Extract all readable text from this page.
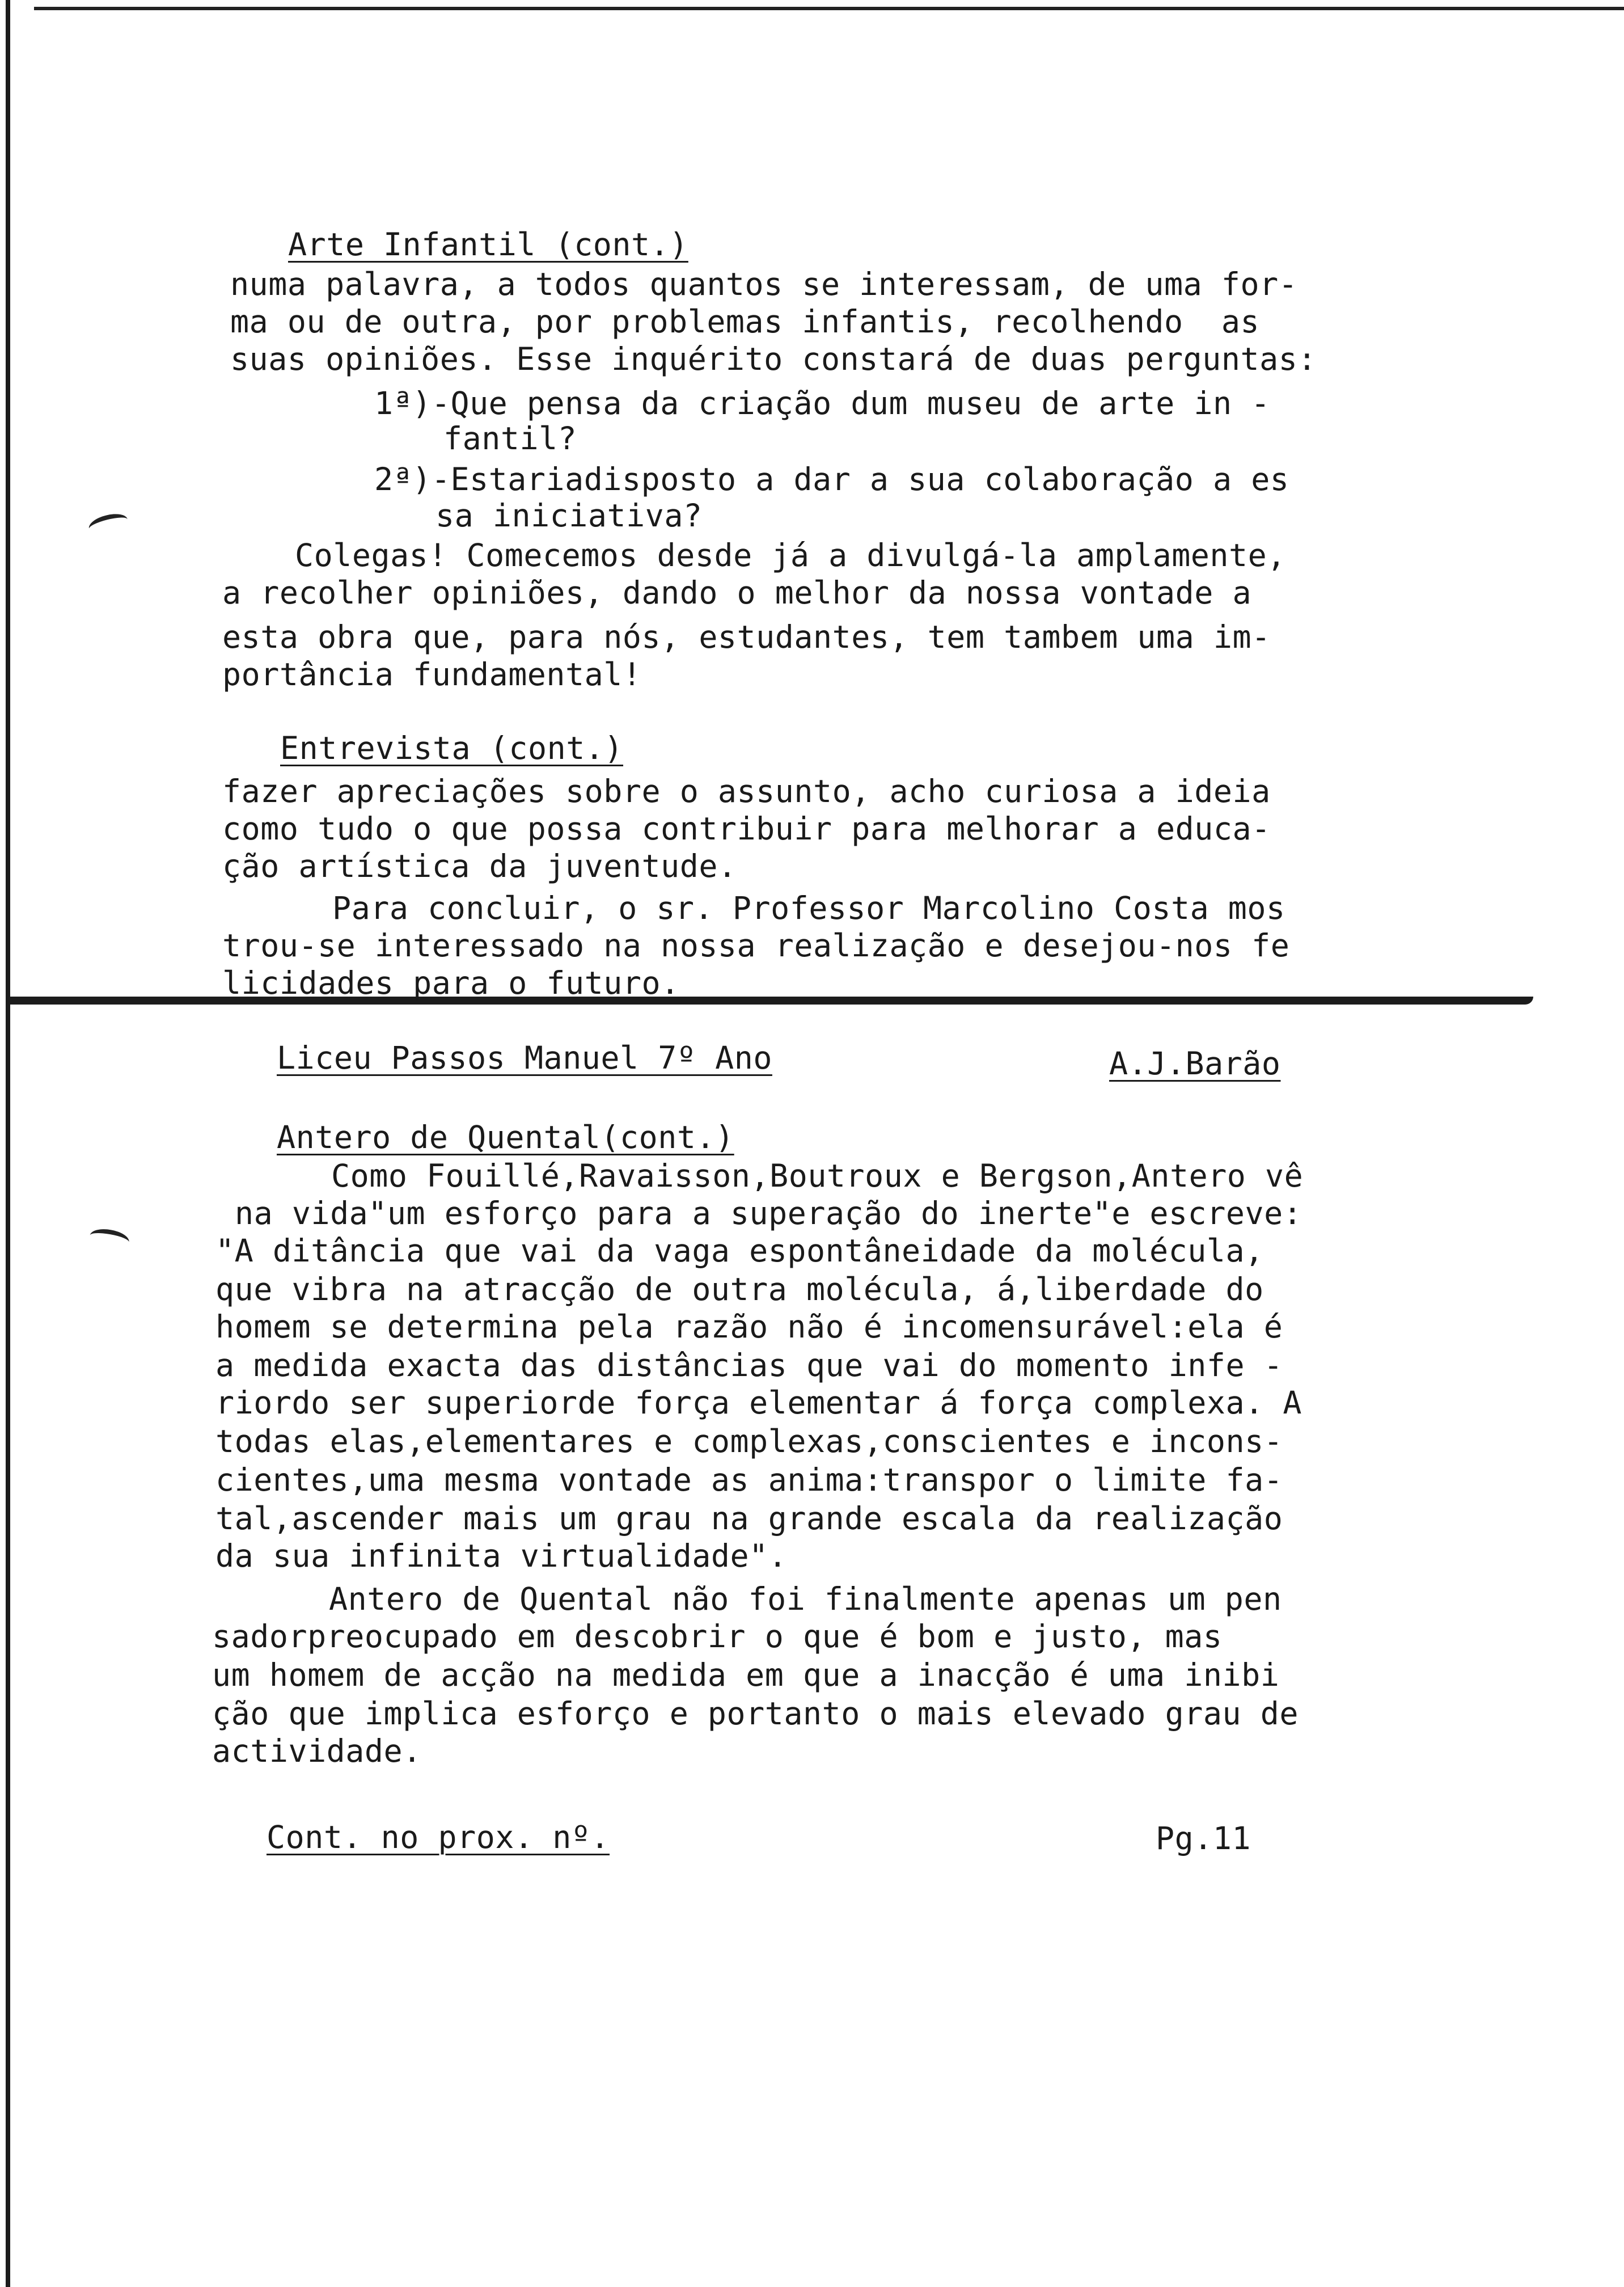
Arte Infantil (cont.)
numa palavra, a todos quantos se interessam, de uma for-
ma ou de outra, por problemas infantis, recolhendo  as
suas opiniões. Esse inquérito constará de duas perguntas:
1ª)-Que pensa da criação dum museu de arte in -
fantil?
2ª)-Estariadisposto a dar a sua colaboração a es
sa iniciativa?
Colegas! Comecemos desde já a divulgá-la amplamente,
a recolher opiniões, dando o melhor da nossa vontade a
esta obra que, para nós, estudantes, tem tambem uma im-
portância fundamental!
Entrevista (cont.)
fazer apreciações sobre o assunto, acho curiosa a ideia
como tudo o que possa contribuir para melhorar a educa-
ção artística da juventude.
Para concluir, o sr. Professor Marcolino Costa mos
trou-se interessado na nossa realização e desejou-nos fe
licidades para o futuro.
Liceu Passos Manuel 7º Ano	A.J.Barão
Antero de Quental(cont.)
Como Fouillé,Ravaisson,Boutroux e Bergson,Antero vê
na vida"um esforço para a superação do inerte"e escreve:
"A ditância que vai da vaga espontâneidade da molécula,
que vibra na atracção de outra molécula, á,liberdade do
homem se determina pela razão não é incomensurável:ela é
a medida exacta das distâncias que vai do momento infe -
riordo ser superiorde força elementar á força complexa. A
todas elas,elementares e complexas,conscientes e incons-
cientes,uma mesma vontade as anima:transpor o limite fa-
tal,ascender mais um grau na grande escala da realização
da sua infinita virtualidade".
Antero de Quental não foi finalmente apenas um pen
sadorpreocupado em descobrir o que é bom e justo, mas
um homem de acção na medida em que a inacção é uma inibi
ção que implica esforço e portanto o mais elevado grau de
actividade.
Cont. no prox. nº.	Pg.11
